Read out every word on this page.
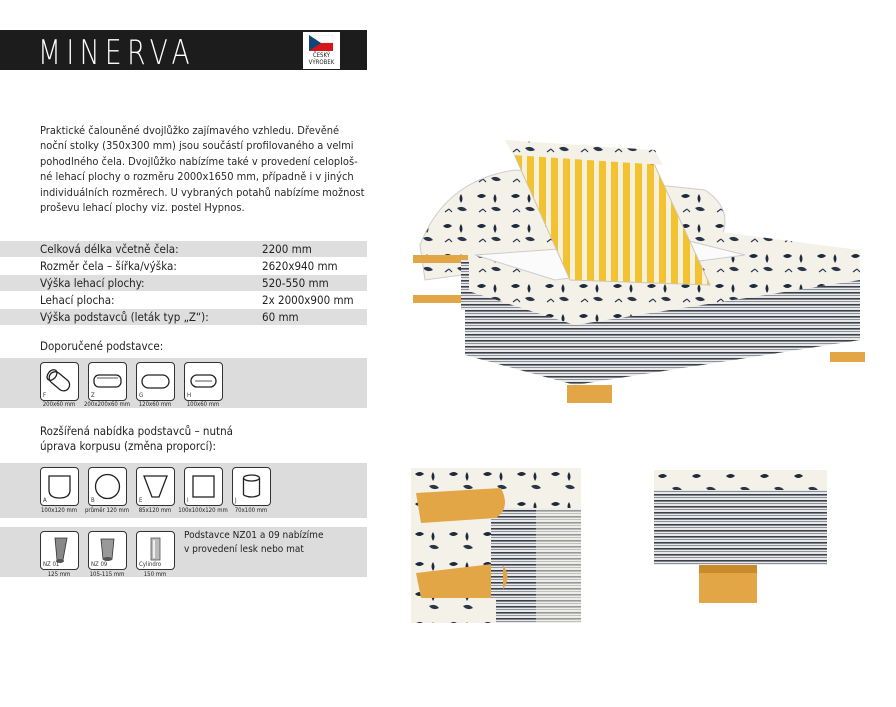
MINERVA	ČESKÝ
VÝROBEK
Praktické čalouněné dvojlůžko zajímavého vzhledu. Dřevěné
noční stolky (350x300 mm) jsou součástí profilovaného a velmi
pohodlného čela. Dvojlůžko nabízíme také v provedení celoploš-
né lehací plochy o rozměru 2000x1650 mm, případně i v jiných
individuálních rozměrech. U vybraných potahů nabízíme možnost
proševu lehací plochy viz. postel Hypnos.
Celková délka včetně čela:	2200 mm
Rozměr čela – šířka/výška:	2620x940 mm
Výška lehací plochy:	520-550 mm
Lehací plocha:	2x 2000x900 mm
Výška podstavců (leták typ „Z“):	60 mm
Doporučené podstavce:
F	Z	G	H
200x60 mm	200x200x60 mm	120x60 mm	100x60 mm
Rozšířená nabídka podstavců – nutná
úprava korpusu (změna proporcí):
A	B	E	I	J
100x120 mm	průměr 120 mm	85x120 mm	100x100x120 mm	70x100 mm
NZ 01	NZ 09	Cylindro
125 mm	105-115 mm	150 mm
Podstavce NZ01 a 09 nabízíme
v provedení lesk nebo mat
